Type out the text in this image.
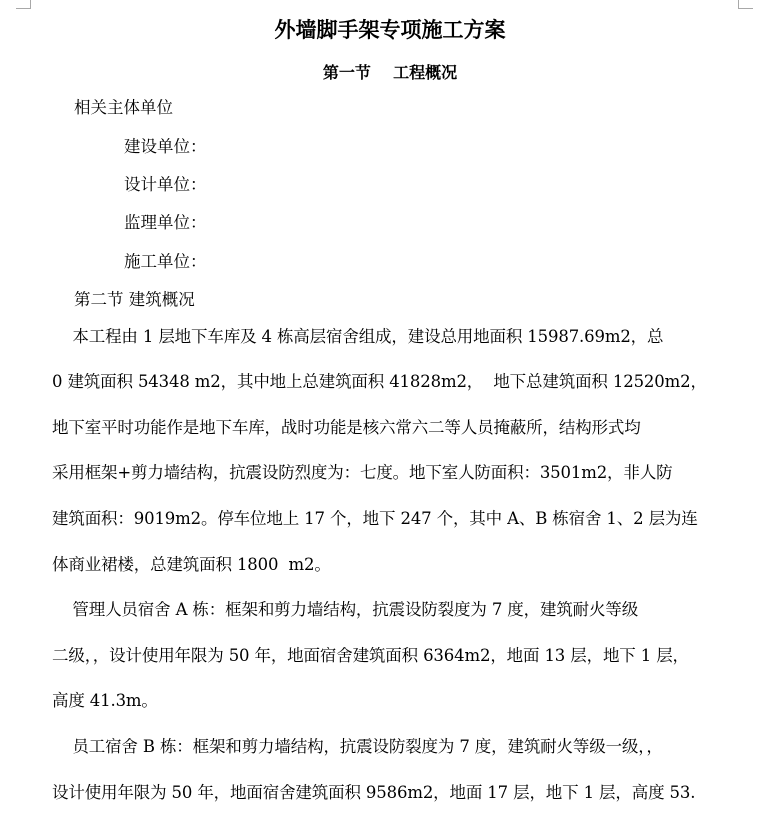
外墙脚手架专项施工方案
第一节    工程概况
相关主体单位
建设单位：
设计单位：
监理单位：
施工单位：
第二节 建筑概况
本工程由 1 层地下车库及 4 栋高层宿舍组成，建设总用地面积 15987.69m2，总
0 建筑面积 54348 m2，其中地上总建筑面积 41828m2，  地下总建筑面积 12520m2，
地下室平时功能作是地下车库，战时功能是核六常六二等人员掩蔽所，结构形式均
采用框架+剪力墙结构，抗震设防烈度为：七度。地下室人防面积：3501m2，非人防
建筑面积：9019m2。停车位地上 17 个，地下 247 个，其中 A、B 栋宿舍 1、2 层为连
体商业裙楼，总建筑面积 1800  m2。
管理人员宿舍 A 栋：框架和剪力墙结构，抗震设防裂度为 7 度，建筑耐火等级
二级，，设计使用年限为 50 年，地面宿舍建筑面积 6364m2，地面 13 层，地下 1 层，
高度 41.3m。
员工宿舍 B 栋：框架和剪力墙结构，抗震设防裂度为 7 度，建筑耐火等级一级，，
设计使用年限为 50 年，地面宿舍建筑面积 9586m2，地面 17 层，地下 1 层，高度 53.
